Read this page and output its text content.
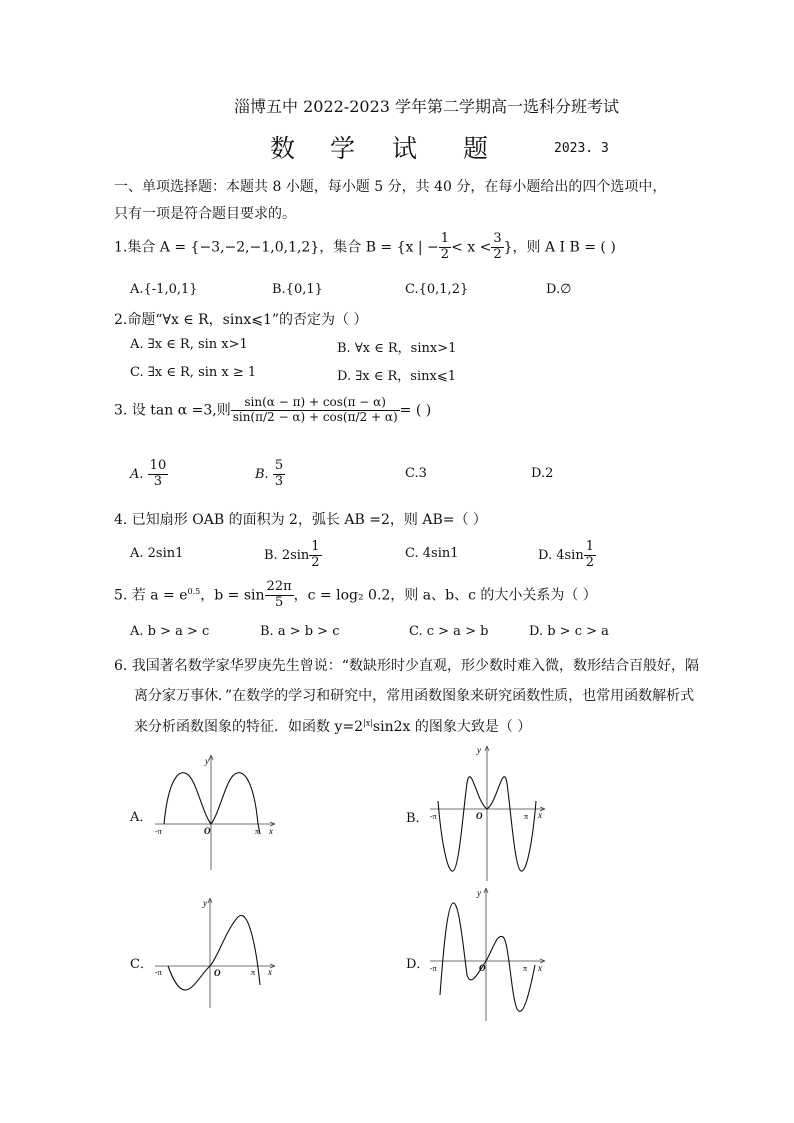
淄博五中 2022-2023 学年第二学期高一选科分班考试
数 学 试 题	2023. 3
一、单项选择题：本题共 8 小题，每小题 5 分，共 40 分，在每小题给出的四个选项中，
只有一项是符合题目要求的。
1.集合 A = {−3,−2,−1,0,1,2}，集合 B = {x | − $\frac{1}{2} < x < \frac{3}{2}$ }，则 A I B = ( )
A.{-1,0,1}	B.{0,1}	C.{0,1,2}	D.∅
2.命题“∀x ∈ R，sinx⩽1”的否定为（ ）
A. ∃x ∈ R, sin x>1	B. ∀x ∈ R，sinx>1
C. ∃x ∈ R, sin x ≥ 1	D. ∃x ∈ R，sinx⩽1
3. 设 tan α =3,则 $\frac{\sin(\alpha - \pi) + \cos(\pi - \alpha)}{\sin(\pi/2 - \alpha) + \cos(\pi/2 + \alpha)}$ = ( )
A. $\frac{10}{3}$	B. $\frac{5}{3}$	C.3	D.2
4. 已知扇形 OAB 的面积为 2，弧长 AB =2，则 AB=（ ）
A. 2sin1	B. $2\sin \frac{1}{2}$	C. 4sin1	D. $4\sin \frac{1}{2}$
5. 若 $a = e^{0.5}$，$b = \sin \frac{22\pi}{5}$ ，c = log₂ 0.2，则 a、b、c 的大小关系为（ ）
A. b > a > c	B. a > b > c	C. c > a > b	D. b > c > a
6. 我国著名数学家华罗庚先生曾说：“数缺形时少直观，形少数时难入微，数形结合百般好，隔
离分家万事休．”在数学的学习和研究中，常用函数图象来研究函数性质，也常用函数解析式
来分析函数图象的特征．如函数 $y=2^{|x|}\sin 2x$ 的图象大致是（ ）
A．
y
x
O
-π	π
B．
y
x
O
-π	π
C．
y
x
O
-π	π
D．
y
x
O
-π	π
